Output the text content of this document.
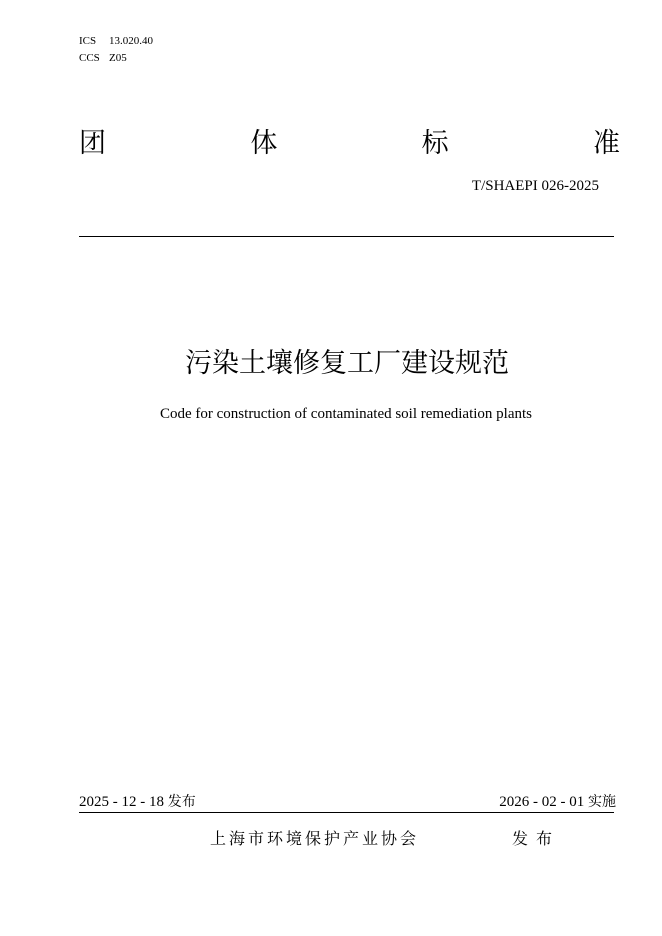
ICS 13.020.40
CCS Z05
团	体	标	准
T/SHAEPI 026-2025
污染土壤修复工厂建设规范
Code for construction of contaminated soil remediation plants
2025 - 12 - 18 发布	2026 - 02 - 01 实施
上海市环境保护产业协会	发布
